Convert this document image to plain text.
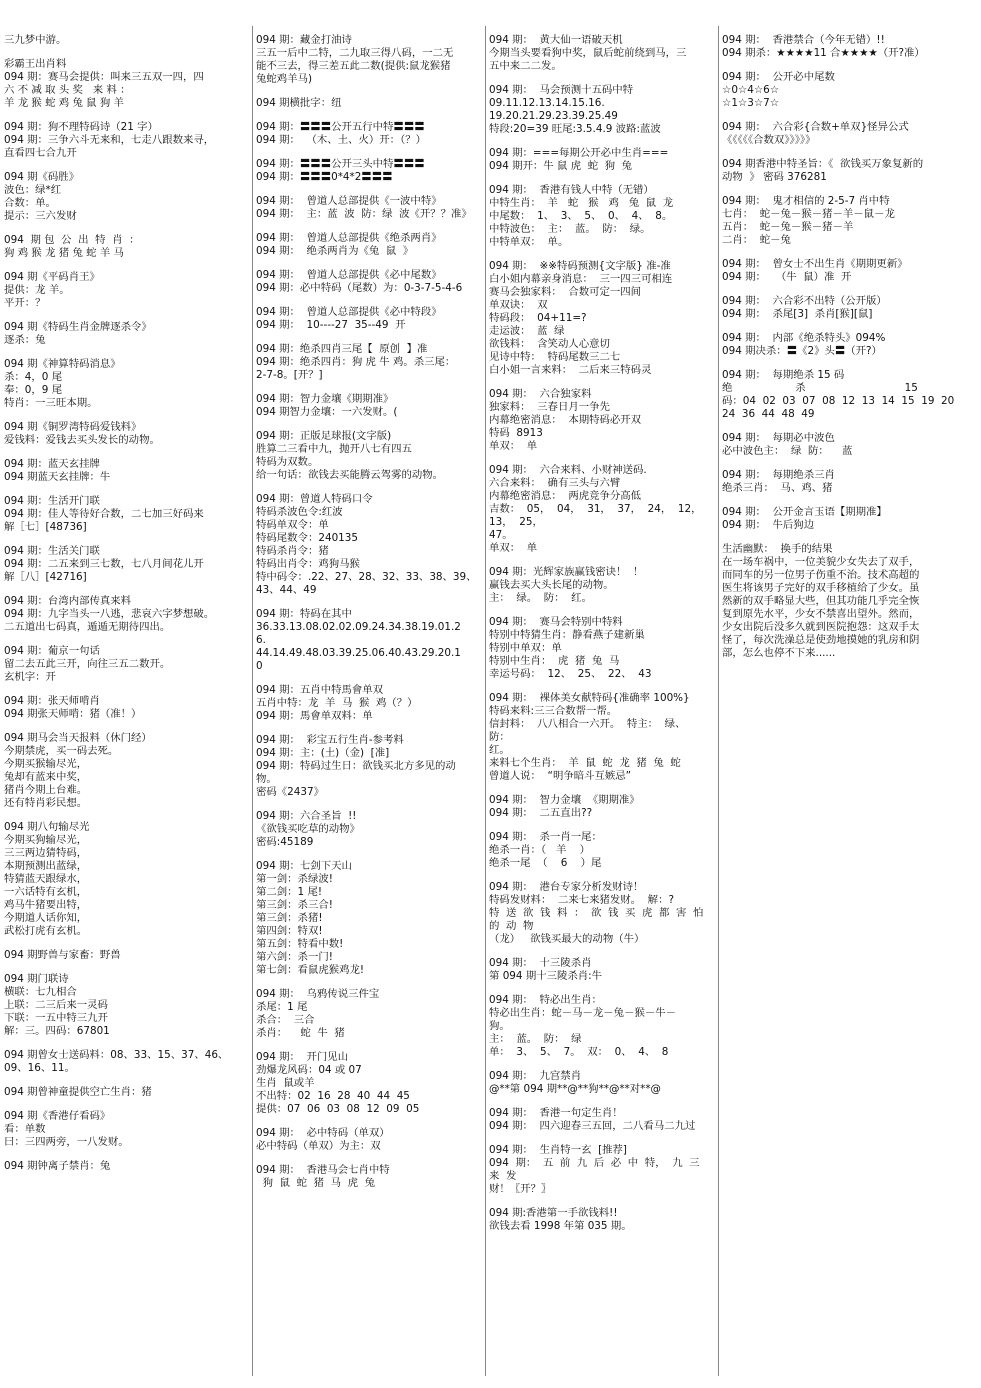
三九梦中游。
彩霸王出肖料
094 期：赛马会提供：叫来三五双一四，四
六 不 减 取 头 奖   来 料 ：
羊 龙 猴 蛇 鸡 兔 鼠 狗 羊
094 期：狗不理特码诗（21 字）
094 期：三争六斗无来和，七走八跟数来寻，
直看四七合九开
094 期《码胜》
波色：绿*红
合数：单。
提示：三六发财
094  期 包  公  出  特  肖  ：
狗 鸡 猴 龙 猪 兔 蛇 羊 马
094 期《平码肖王》
提供：龙 羊。
平开：？
094 期《特码生肖金牌逐杀令》
逐杀：兔
094 期《神算特码消息》
杀：4，0 尾
奉：0，9 尾
特肖：一三旺本期。
094 期《铜罗湾特码爱钱料》
爱钱料：爱钱去买头发长的动物。
094 期：蓝天玄挂牌
094 期蓝天玄挂牌：牛
094 期：生活开门联
094 期：佳人等待好合数，二七加三好码来
解［七］[48736]
094 期：生活关门联
094 期：二五来到三七数，七八月间花儿开
解［八］[42716]
094 期：台湾内部传真来料
094 期：九字当头一八逃，悲哀六字梦想破。
二五道出七码真，遁遁无期待四出。
094 期：葡京一句话
留二去五此三开，向往三五二数开。
玄机字：开
094 期：张天师啃肖
094 期张天师啃：猪（准！）
094 期马会当天报料（休门经）
今期禁虎，买一码去死。
今期买猴输尽光，
兔却有蓝来中奖，
猪肖今期上台难。
还有特肖彩民想。
094 期八句输尽光
今期买狗输尽光，
三三两边猜特码，
本期预测出蓝绿，
特猜蓝天跟绿水，
一六话特有玄机，
鸡马牛猪要出特，
今期道人话你知，
武松打虎有玄机。
094 期野兽与家畜：野兽
094 期门联诗
横联：七九相合
上联：二三后来一灵码
下联：一五中特三九开
解：三。四码：67801
094 期曾女士送码料：08、33、15、37、46、
09、16、11。
094 期曾神童提供空亡生肖：猪
094 期《香港仔看码》
看：单数
曰：三四两旁，一八发财。
094 期钟离子禁肖：兔
094 期：藏金打油诗
三五一后中二特，二九取三得八码，一二无
能不三去，得三差五此二数(提供:鼠龙猴猪
兔蛇鸡羊马)
094 期横批字：纽
094 期：〓〓〓公开五行中特〓〓〓
094 期：  （木、土、火）开：（？）
094 期：〓〓〓公开三头中特〓〓〓
094 期：〓〓〓0*4*2〓〓〓
094 期：  曾道人总部提供《一波中特》
094 期：  主：蓝  波  防：绿  波《开？？准》
094 期：  曾道人总部提供《绝杀两肖》
094 期：  绝杀两肖为《兔  鼠  》
094 期：  曾道人总部提供《必中尾数》
094 期：必中特码（尾数）为：0-3-7-5-4-6
094 期：  曾道人总部提供《必中特段》
094 期：  10----27  35--49  开
094 期：绝杀四肖三尾【  原创  】准
094 期：绝杀四肖：狗 虎 牛 鸡。杀三尾：
2-7-8。[开？]
094 期：智力金壤《期期准》
094 期智力金壤：一六发财。(
094 期：正版足球报(文字版)
胜算二三看中九，抛开八七有四五
特码为双数。
给一句话：欲钱去买能腾云驾雾的动物。
094 期：曾道人特码口令
特码杀波色令:红波
特码单双令：单
特码尾数令：240135
特码杀肖令：猪
特码出肖令：鸡狗马猴
特中码令：.22、27、28、32、33、38、39、
43、44、49
094 期：特码在其中
36.33.13.08.02.02.09.24.34.38.19.01.2
6.
44.14.49.48.03.39.25.06.40.43.29.20.1
0
094 期：五肖中特馬會单双
五肖中特：龙  羊  马  猴  鸡（？）
094 期：馬會单双料：单
094 期：  彩宝五行生肖-参考料
094 期：主：(土)（金)  [准]
094 期：特码过生日：欲钱买北方多见的动
物。
密码《2437》
094 期：六合圣旨  !!
《欲钱买吃草的动物》
密码:45189
094 期：七剑下天山
第一剑：杀绿波!
第二剑：1 尾!
第三剑：杀三合!
第三剑：杀猪!
第四剑：特双!
第五剑：特看中数!
第六剑：杀一门!
第七剑：看鼠虎猴鸡龙!
094 期：  乌鸦传说三件宝
杀尾：1 尾
杀合：  三合
杀肖：    蛇  牛  猪
094 期：  开门见山
劲爆龙风码：04 或 07
生肖  鼠或羊
不出特：02  16  28  40  44  45
提供：07  06  03  08  12  09  05
094 期：  必中特码（单双）
必中特码（单双）为主：双
094 期：  香港马会七肖中特
狗  鼠  蛇  猪  马  虎  兔
094 期：  黄大仙一语破天机
今期当头要看狗中奖，鼠后蛇前绕到马，三
五中来二二发。
094 期：  马会预测十五码中特
09.11.12.13.14.15.16.
19.20.21.29.23.39.25.49
特段:20=39 旺尾:3.5.4.9 波路:蓝波
094 期：===每期公开必中生肖===
094 期开：牛 鼠 虎  蛇  狗  兔
094 期：  香港有钱人中特（无错）
中特生肖：  羊   蛇   猴   鸡   兔  鼠  龙
中尾数：  1、  3、  5、  0、  4、  8。
中特波色：  主：  蓝。  防：  绿。
中特单双：  单。
094 期：  ※※特码预测{文字版} 准-准
白小姐内幕亲身消息：  三一四三可相连
赛马会独家料：  合数可定一四间
单双诀：  双
特码段：  04+11=?
走运波：  蓝  绿
欲钱料：  含笑动人心意切
见诗中特：  特码尾数三二七
白小姐一言来料：  二后来三特码灵
094 期：  六合独家料
独家料：  三春日月一争先
内幕绝密消息：  本期特码必开双
特码  8913
单双：  单
094 期：  六合来料、小财神送码.
六合来料：  确有三头与六臂
内幕绝密消息：  两虎竞争分高低
吉数：  05，  04，  31，  37，  24，  12，  13，  25，
47。
单双：  单
094 期：光辉家族赢钱密诀！  ！
赢钱去买大头长尾的动物。
主：  绿。  防：  红。
094 期：  赛马会特别中特料
特别中特猜生肖：静看燕子建新巢
特别中单双：单
特别中生肖：  虎  猪  兔  马
幸运号码：  12、  25、  22、  43
094 期：  裸体美女献特码{准确率 100%}
特码来料:三三合数帮一帮。
信封料：  八八相合一六开。  特主：  绿、  防：
红。
来料七个生肖：  羊  鼠  蛇  龙  猪  兔  蛇
曾道人说：  “明争暗斗互嫉忌”
094 期：  智力金壤  《期期准》
094 期：  二五直出??
094 期：  杀一肖一尾：
绝杀一肖：（   羊    ）
绝杀一尾  （    6    ）尾
094 期：  港台专家分析发财诗！
特码发财料：  二来七来猪发财。  解：?
特  送  欲  钱  料  ：  欲  钱  买  虎  都  害  怕  的  动  物
（龙）   欲钱买最大的动物（牛）
094 期：  十三陵杀肖
第 094 期十三陵杀肖:牛
094 期：  特必出生肖：
特必出生肖：蛇－马－龙－兔－猴－牛－
狗。
主：  蓝。  防：  绿
单：  3、  5、  7。  双：  0、  4、  8
094 期：  九宫禁肖
@**第 094 期**@**狗**@**对**@
094 期：  香港一句定生肖！
094 期：  四六迎春三五回，二八看马二九过
094 期：  生肖特一玄  [推荐]
094  期：  五  前  九  后  必  中  特，  九  三  来  发
财！〖开？〗
094 期:香港第一手欲钱料!!
欲钱去看 1998 年第 035 期。
094 期：  香港禁合（今年无错）!!
094 期杀：★★★★11 合★★★★（开?准）
094 期：  公开必中尾数
☆0☆4☆6☆
☆1☆3☆7☆
094 期：  六合彩{合数+单双}怪异公式
《《《《《合数双》》》》》
094 期香港中特圣旨：《  欲钱买万象复新的
动物  》 密码 376281
094 期：  鬼才相信的 2-5-7 肖中特
七肖：  蛇－兔－猴－猪－羊－鼠－龙
五肖：  蛇－兔－猴－猪－羊
二肖：  蛇－兔
094 期：  曾女士不出生肖《期期更新》
094 期：   （牛  鼠）准  开
094 期：  六合彩不出特（公开版）
094 期：  杀尾[3]  杀肖[猴][鼠]
094 期：  内部《绝杀特头》094%
094 期决杀：〓《2》头〓（开?）
094 期：  每期绝杀 15 码
绝                   杀                              15
码：04  02  03  07  08  12  13  14  15  19  20
24  36  44  48  49
094 期：  每期必中波色
必中波色主：  绿  防：    蓝
094 期：  每期绝杀三肖
绝杀三肖：  马、鸡、猪
094 期：  公开金言玉语【期期准】
094 期：  牛后狗边
生活幽默：  换手的结果
在一场车祸中，一位美貌少女失去了双手，
而同车的另一位男子伤重不治。技术高超的
医生将该男子完好的双手移植给了少女。虽
然新的双手略显大些，但其功能几乎完全恢
复到原先水平，少女不禁喜出望外。然而，
少女出院后没多久就到医院抱怨：这双手太
怪了，每次洗澡总是使劲地摸她的乳房和阴
部，怎么也停不下来......
